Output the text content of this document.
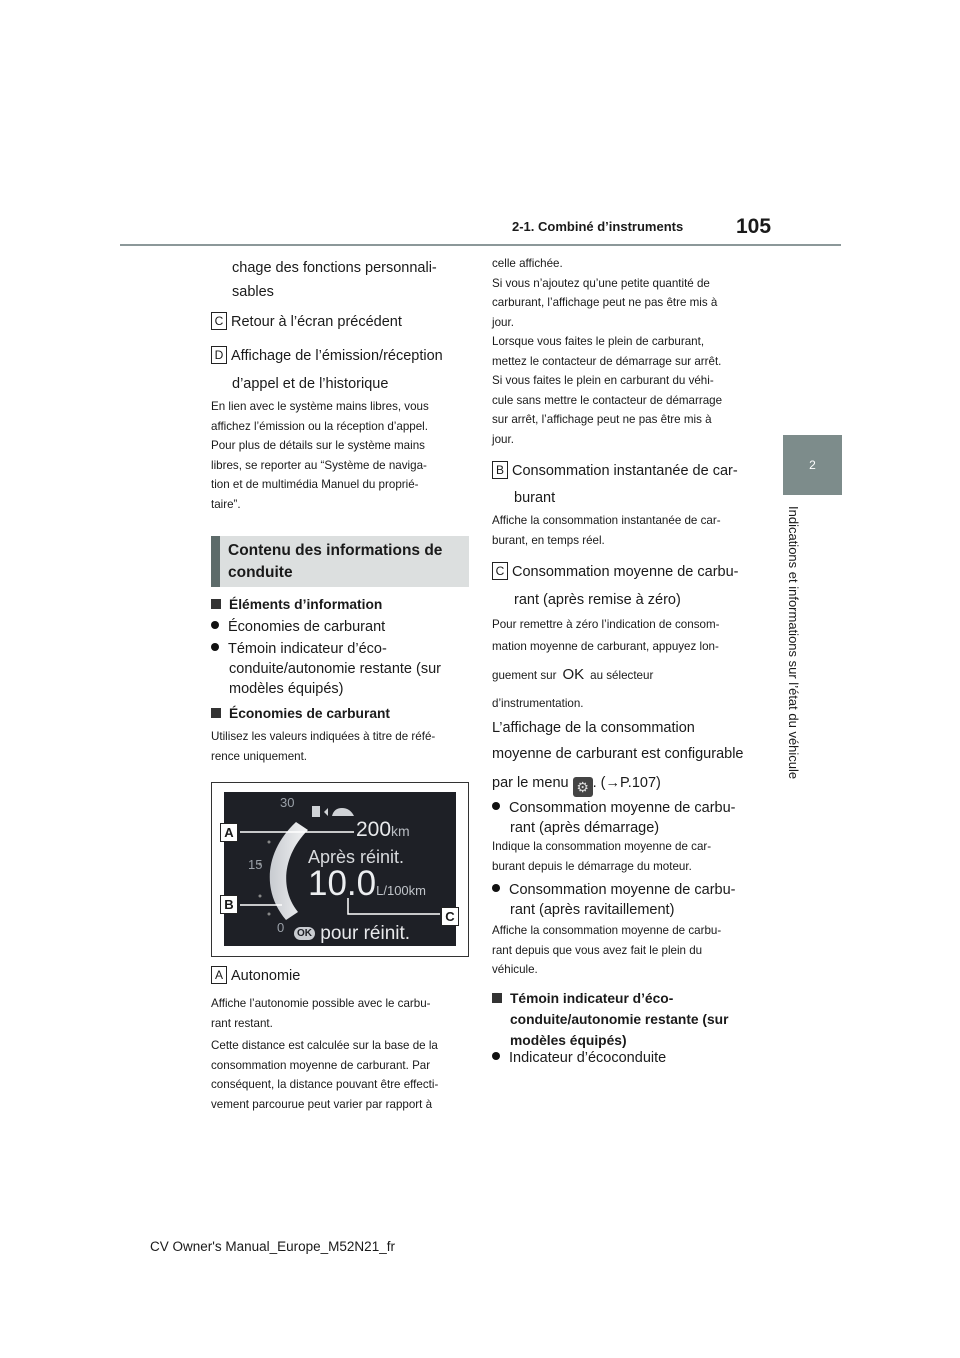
2-1. Combiné d’instruments	105
2
Indications et informations sur l’état du véhicule
chage des fonctions personnali-
sables
C Retour à l’écran précédent
D Affichage de l’émission/réception
d’appel et de l’historique
En lien avec le système mains libres, vous
affichez l’émission ou la réception d’appel.
Pour plus de détails sur le système mains
libres, se reporter au “Système de naviga-
tion et de multimédia Manuel du proprié-
taire”.
Contenu des informations de
conduite
Éléments d’information
Économies de carburant
Témoin indicateur d’éco-
conduite/autonomie restante (sur
modèles équipés)
Économies de carburant
Utilisez les valeurs indiquées à titre de réfé-
rence uniquement.
30
15
0
200km
Après réinit.
10.0L/100km
OK pour réinit.
A
B
C
A Autonomie
Affiche l’autonomie possible avec le carbu-
rant restant.
Cette distance est calculée sur la base de la
consommation moyenne de carburant. Par
conséquent, la distance pouvant être effecti-
vement parcourue peut varier par rapport à
celle affichée.
Si vous n’ajoutez qu’une petite quantité de
carburant, l’affichage peut ne pas être mis à
jour.
Lorsque vous faites le plein de carburant,
mettez le contacteur de démarrage sur arrêt.
Si vous faites le plein en carburant du véhi-
cule sans mettre le contacteur de démarrage
sur arrêt, l’affichage peut ne pas être mis à
jour.
B Consommation instantanée de car-
burant
Affiche la consommation instantanée de car-
burant, en temps réel.
C Consommation moyenne de carbu-
rant (après remise à zéro)
Pour remettre à zéro l’indication de consom-
mation moyenne de carburant, appuyez lon-
guement sur OK au sélecteur
d’instrumentation.
L’affichage de la consommation
moyenne de carburant est configurable
par le menu ⚙ . (→P.107)
Consommation moyenne de carbu-
rant (après démarrage)
Indique la consommation moyenne de car-
burant depuis le démarrage du moteur.
Consommation moyenne de carbu-
rant (après ravitaillement)
Affiche la consommation moyenne de carbu-
rant depuis que vous avez fait le plein du
véhicule.
Témoin indicateur d’éco-
conduite/autonomie restante (sur
modèles équipés)
Indicateur d’écoconduite
CV Owner's Manual_Europe_M52N21_fr
